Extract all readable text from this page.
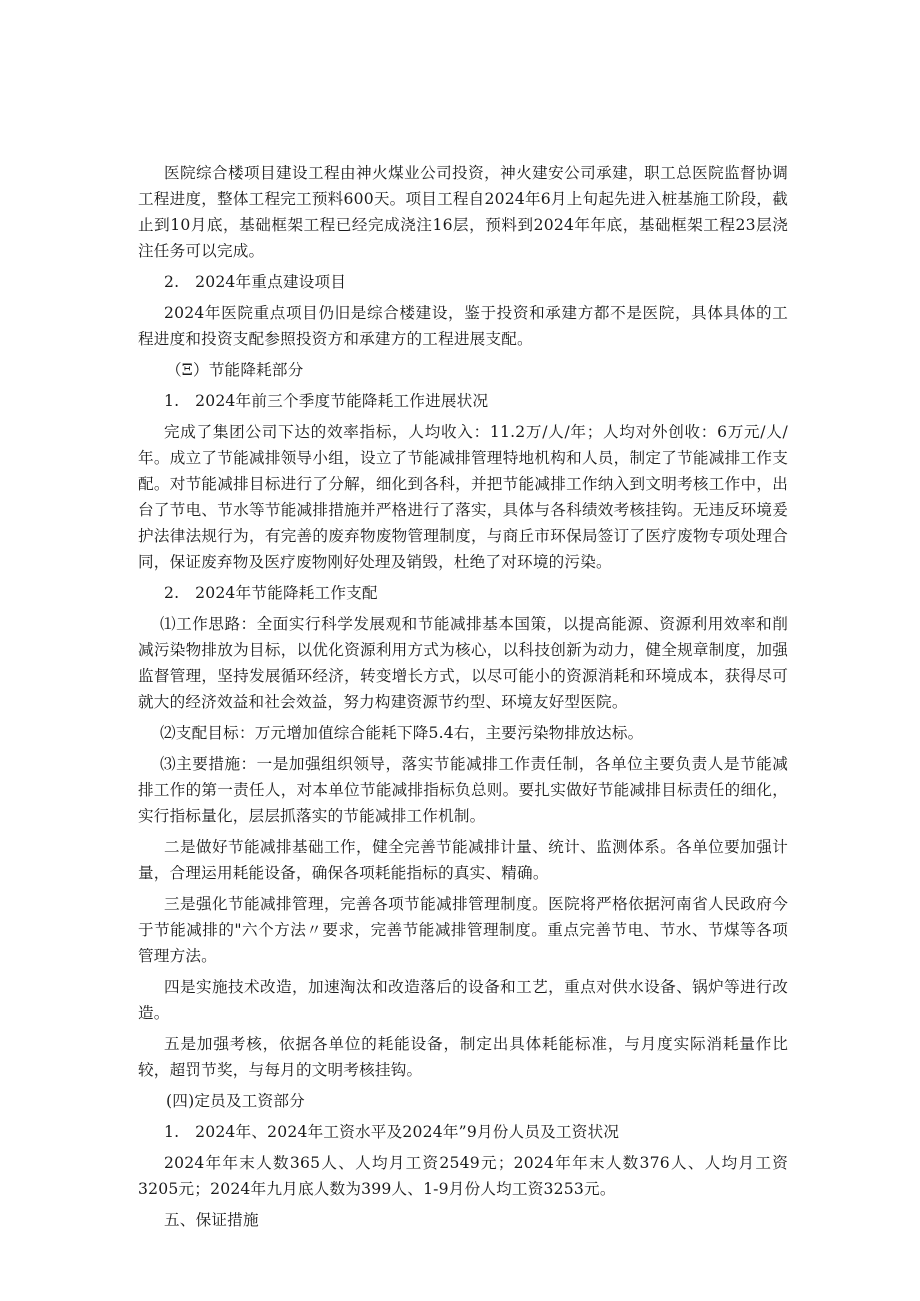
医院综合楼项目建设工程由神火煤业公司投资，神火建安公司承建，职工总医院监督协调工程进度，整体工程完工预料600天。项目工程自2024年6月上旬起先进入桩基施工阶段，截止到10月底，基础框架工程已经完成浇注16层，预料到2024年年底，基础框架工程23层浇注任务可以完成。

2.　2024年重点建设项目

2024年医院重点项目仍旧是综合楼建设，鉴于投资和承建方都不是医院，具体具体的工程进度和投资支配参照投资方和承建方的工程进展支配。

（Ξ）节能降耗部分

1.　2024年前三个季度节能降耗工作进展状况

完成了集团公司下达的效率指标，人均收入：11.2万/人/年；人均对外创收：6万元/人/年。成立了节能减排领导小组，设立了节能减排管理特地机构和人员，制定了节能减排工作支配。对节能减排目标进行了分解，细化到各科，并把节能减排工作纳入到文明考核工作中，出台了节电、节水等节能减排措施并严格进行了落实，具体与各科绩效考核挂钩。无违反环境爰护法律法规行为，有完善的废弃物废物管理制度，与商丘市环保局签订了医疗废物专项处理合同，保证废弃物及医疗废物刚好处理及销毁，杜绝了对环境的污染。

2.　2024年节能降耗工作支配

⑴工作思路：全面实行科学发展观和节能减排基本国策，以提高能源、资源利用效率和削减污染物排放为目标，以优化资源利用方式为核心，以科技创新为动力，健全规章制度，加强监督管理，坚持发展循环经济，转变增长方式，以尽可能小的资源消耗和环境成本，获得尽可就大的经济效益和社会效益，努力构建资源节约型、环境友好型医院。

⑵支配目标：万元增加值综合能耗下降5.4右，主要污染物排放达标。

⑶主要措施：一是加强组织领导，落实节能减排工作责任制，各单位主要负责人是节能减排工作的第一责任人，对本单位节能减排指标负总则。要扎实做好节能减排目标责任的细化，实行指标量化，层层抓落实的节能减排工作机制。

二是做好节能减排基础工作，健全完善节能减排计量、统计、监测体系。各单位要加强计量，合理运用耗能设备，确保各项耗能指标的真实、精确。

三是强化节能减排管理，完善各项节能减排管理制度。医院将严格依据河南省人民政府今于节能减排的"六个方法〃要求，完善节能减排管理制度。重点完善节电、节水、节煤等各项管理方法。

四是实施技术改造，加速淘汰和改造落后的设备和工艺，重点对供水设备、锅炉等进行改造。

五是加强考核，依据各单位的耗能设备，制定出具体耗能标准，与月度实际消耗量作比较，超罚节奖，与每月的文明考核挂钩。

(四)定员及工资部分

1.　2024年、2024年工资水平及2024年”9月份人员及工资状况

2024年年末人数365人、人均月工资2549元；2024年年末人数376人、人均月工资3205元；2024年九月底人数为399人、1-9月份人均工资3253元。

五、保证措施
